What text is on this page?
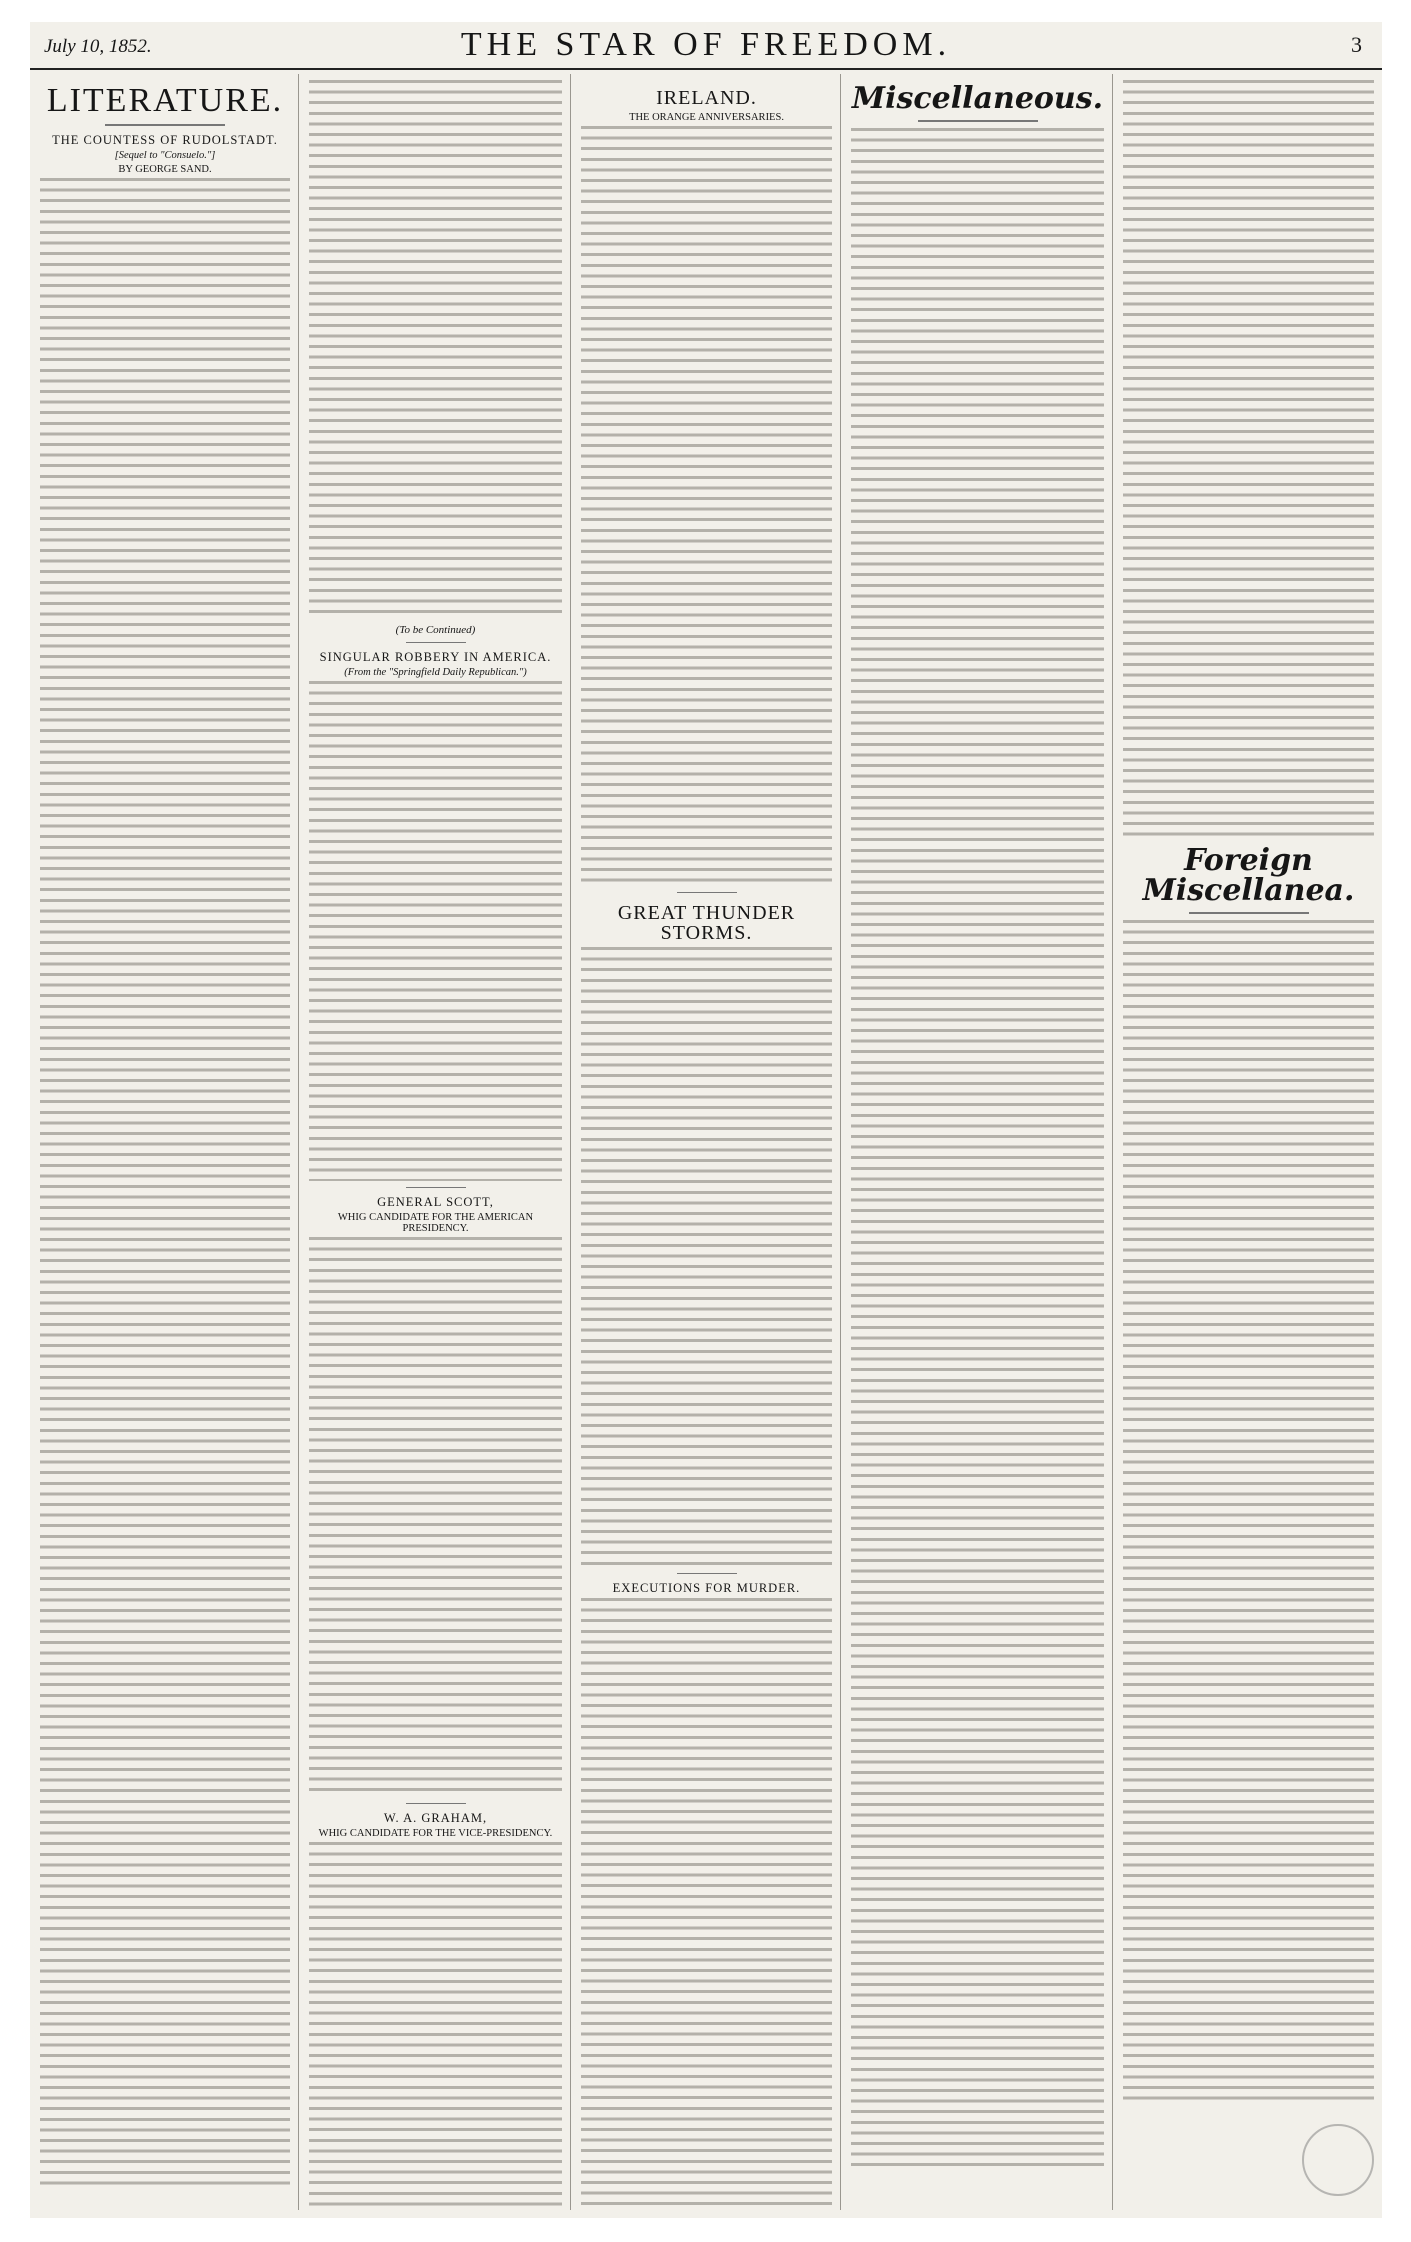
July 10, 1852.	THE STAR OF FREEDOM.	3
LITERATURE.
THE COUNTESS OF RUDOLSTADT.
[Sequel to "Consuelo."]
BY GEORGE SAND.
(To be Continued)
SINGULAR ROBBERY IN AMERICA.
(From the "Springfield Daily Republican.")
GENERAL SCOTT,
WHIG CANDIDATE FOR THE AMERICAN PRESIDENCY.
W. A. GRAHAM,
WHIG CANDIDATE FOR THE VICE-PRESIDENCY.
IRELAND.
THE ORANGE ANNIVERSARIES.
GREAT THUNDER STORMS.
EXECUTIONS FOR MURDER.
Miscellaneous.
Foreign Miscellanea.
